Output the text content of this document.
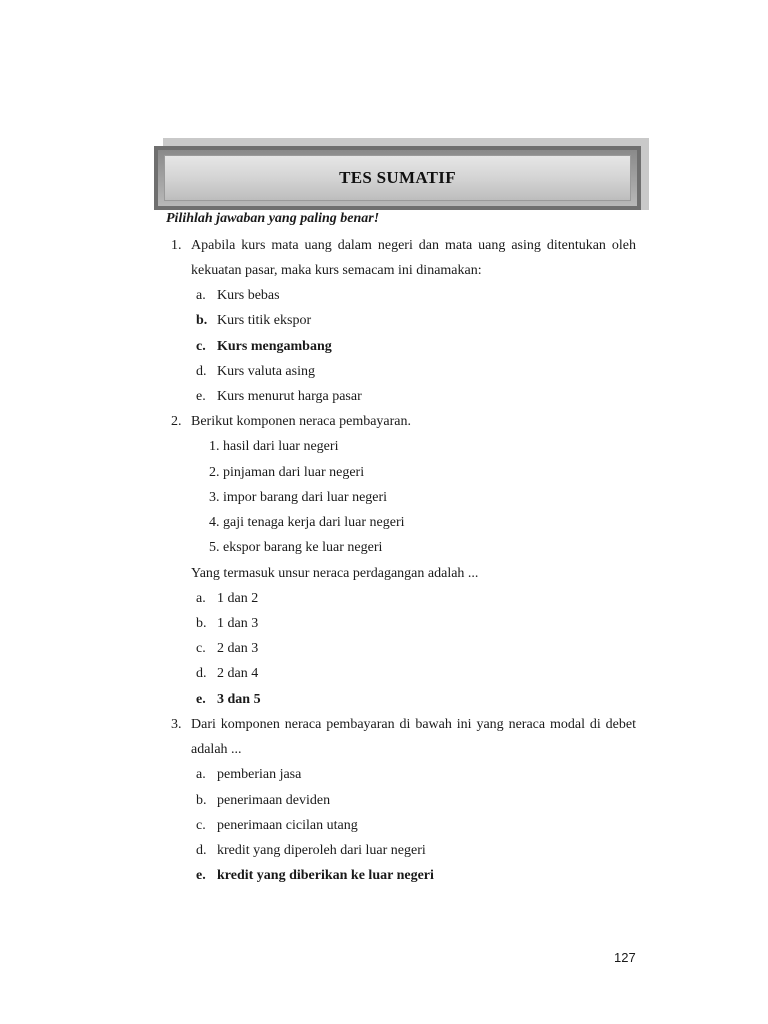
TES SUMATIF
Pilihlah jawaban yang paling benar!
1. Apabila kurs mata uang dalam negeri dan mata uang asing ditentukan oleh
kekuatan pasar, maka kurs semacam ini dinamakan:
a. Kurs bebas
b. Kurs titik ekspor
c. Kurs mengambang
d. Kurs valuta asing
e. Kurs menurut harga pasar
2. Berikut komponen neraca pembayaran.
1. hasil dari luar negeri
2. pinjaman dari luar negeri
3. impor barang dari luar negeri
4. gaji tenaga kerja dari luar negeri
5. ekspor barang ke luar negeri
Yang termasuk unsur neraca perdagangan adalah ...
a. 1 dan 2
b. 1 dan 3
c. 2 dan 3
d. 2 dan 4
e. 3 dan 5
3. Dari komponen neraca pembayaran di bawah ini yang neraca modal di debet
adalah ...
a. pemberian jasa
b. penerimaan deviden
c. penerimaan cicilan utang
d. kredit yang diperoleh dari luar negeri
e. kredit yang diberikan ke luar negeri
127
